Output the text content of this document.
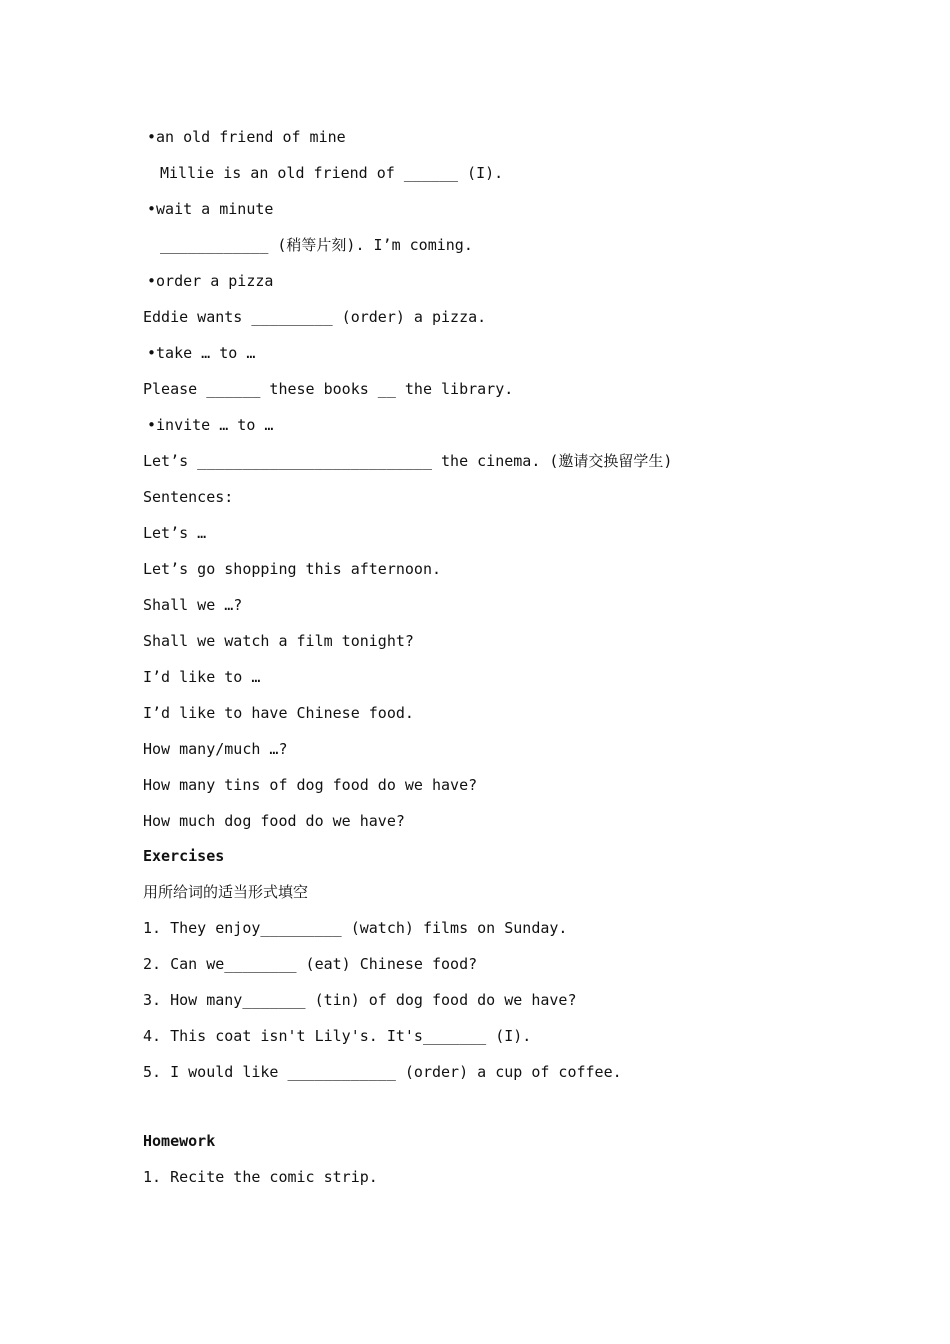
•an old friend of mine
Millie is an old friend of ______ (I).
•wait a minute
____________ (稍等片刻). I’m coming.
•order a pizza
Eddie wants _________ (order) a pizza.
•take … to …
Please ______ these books __ the library.
•invite … to …
Let’s __________________________ the cinema. (邀请交换留学生)
Sentences:
Let’s …
Let’s go shopping this afternoon.
Shall we …?
Shall we watch a film tonight?
I’d like to …
I’d like to have Chinese food.
How many/much …?
How many tins of dog food do we have?
How much dog food do we have?
Exercises
用所给词的适当形式填空
1. They enjoy_________ (watch) films on Sunday.
2. Can we________ (eat) Chinese food?
3. How many_______ (tin) of dog food do we have?
4. This coat isn't Lily's. It's_______ (I).
5. I would like ____________ (order) a cup of coffee.
Homework
1. Recite the comic strip.
